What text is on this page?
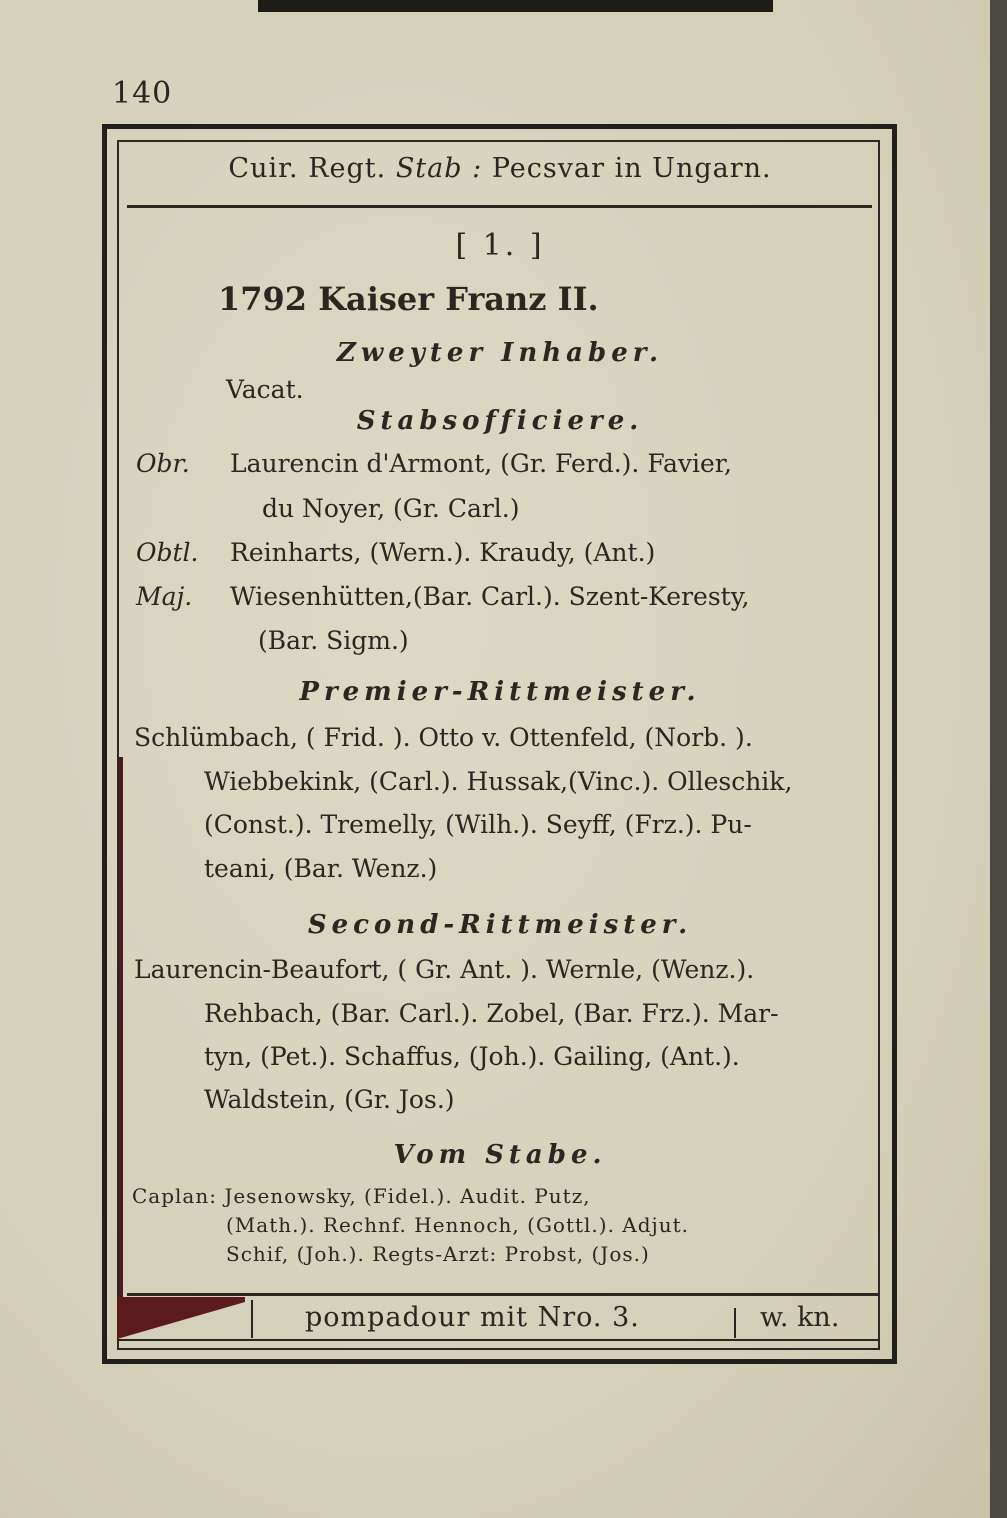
140
Cuir. Regt. Stab : Pecsvar in Ungarn.
[ 1. ]
1792 Kaiser Franz II.
Zweyter Inhaber.
Vacat.
Stabsofficiere.
Obr. Laurencin d'Armont, (Gr. Ferd.). Favier,
du Noyer, (Gr. Carl.)
Obtl. Reinharts, (Wern.). Kraudy, (Ant.)
Maj. Wiesenhütten,(Bar. Carl.). Szent-Keresty,
(Bar. Sigm.)
Premier-Rittmeister.
Schlümbach, ( Frid. ). Otto v. Ottenfeld, (Norb. ).
Wiebbekink, (Carl.). Hussak,(Vinc.). Olleschik,
(Const.). Tremelly, (Wilh.). Seyff, (Frz.). Pu-
teani, (Bar. Wenz.)
Second-Rittmeister.
Laurencin-Beaufort, ( Gr. Ant. ). Wernle, (Wenz.).
Rehbach, (Bar. Carl.). Zobel, (Bar. Frz.). Mar-
tyn, (Pet.). Schaffus, (Joh.). Gailing, (Ant.).
Waldstein, (Gr. Jos.)
Vom Stabe.
Caplan: Jesenowsky, (Fidel.). Audit. Putz,
(Math.). Rechnf. Hennoch, (Gottl.). Adjut.
Schif, (Joh.). Regts-Arzt: Probst, (Jos.)
pompadour mit Nro. 3.	w. kn.
